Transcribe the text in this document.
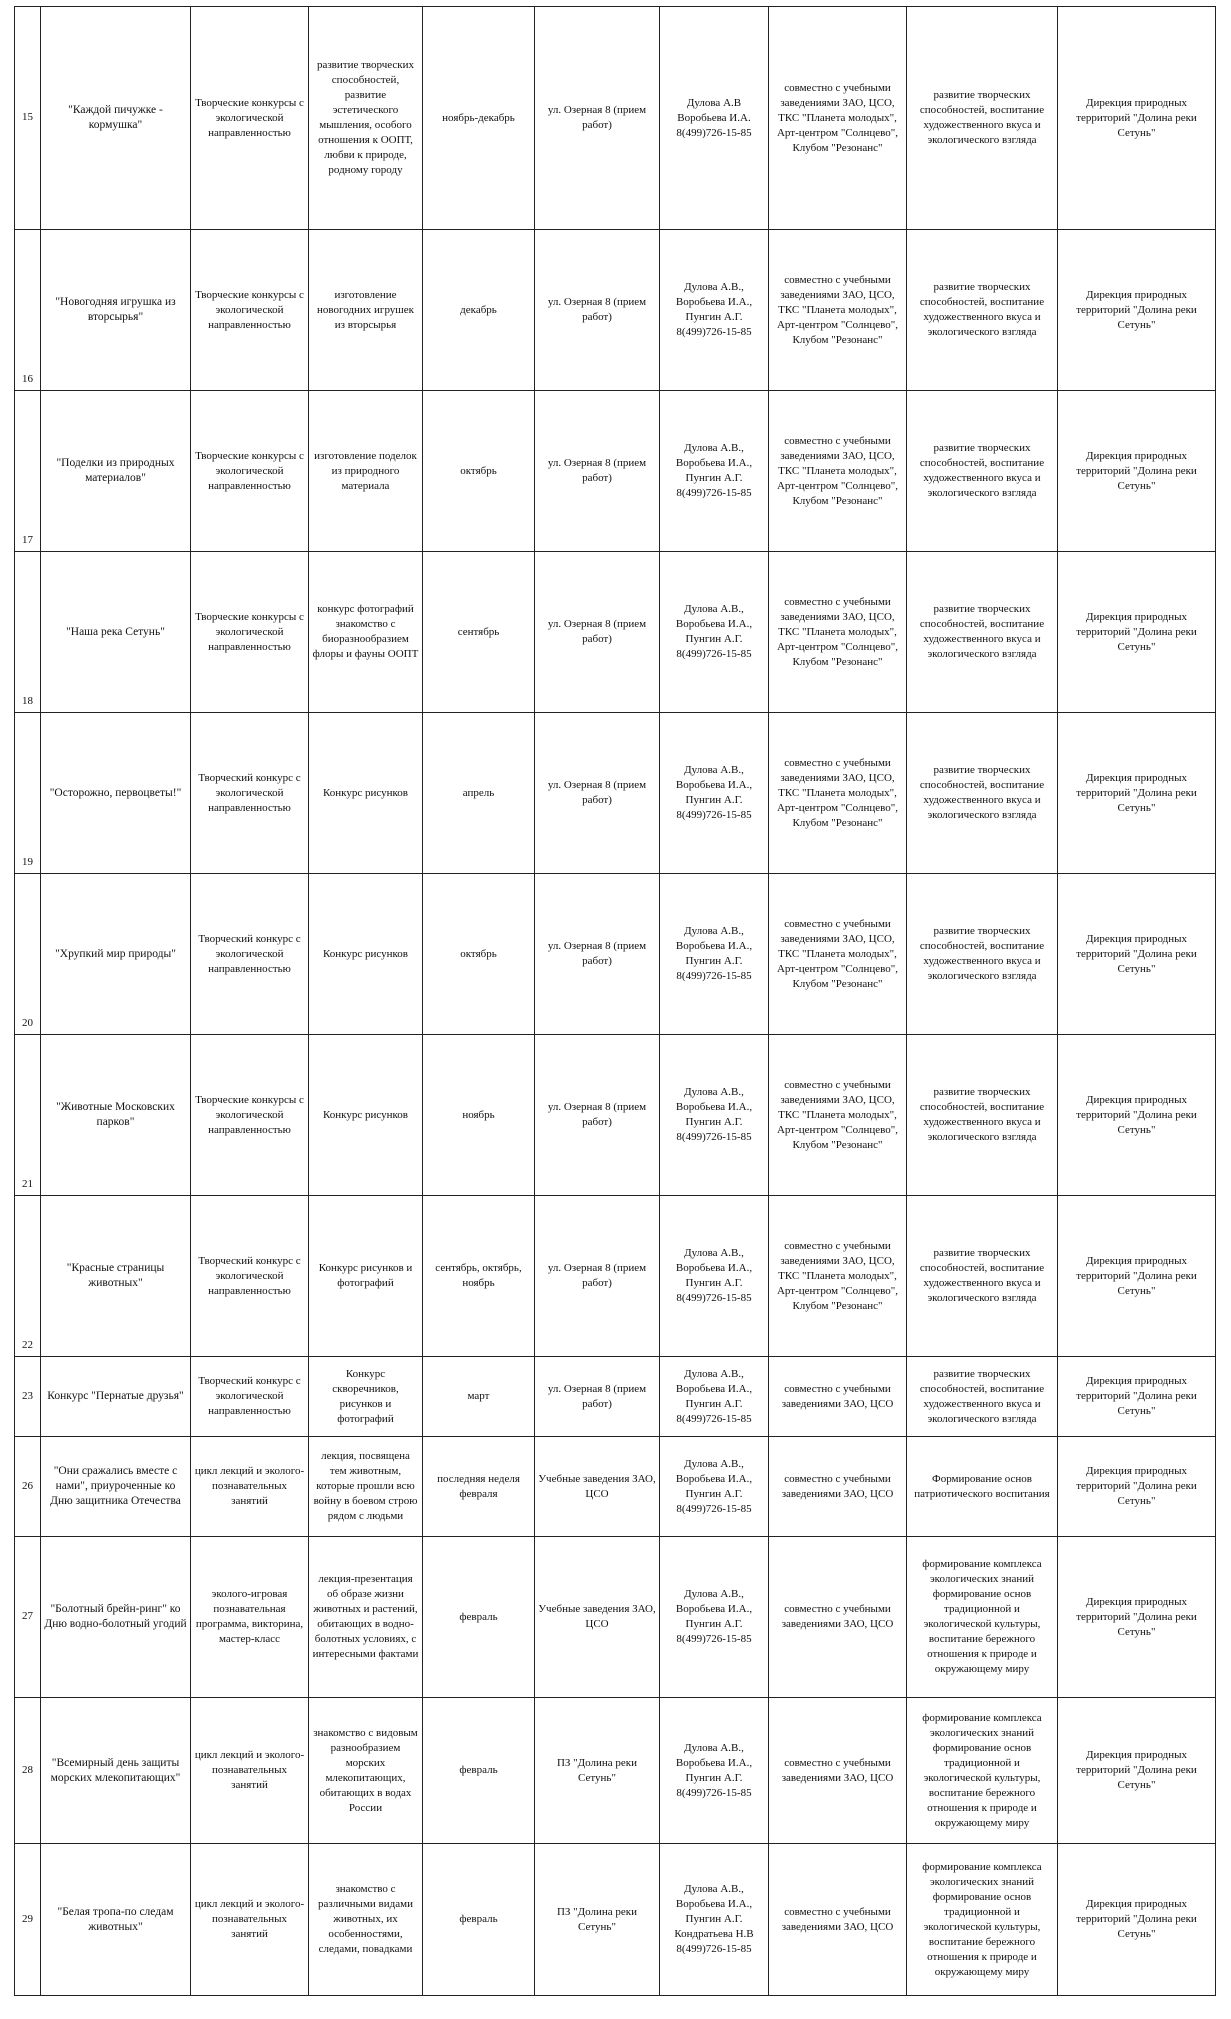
15	"Каждой пичужке - кормушка"	Творческие конкурсы с экологической направленностью	развитие творческих способностей, развитие эстетического мышления, особого отношения к ООПТ, любви к природе, родному городу	ноябрь-декабрь	ул. Озерная 8 (прием работ)	Дулова А.В Воробьева И.А. 8(499)726-15-85	совместно с учебными заведениями ЗАО, ЦСО, ТКС "Планета молодых", Арт-центром "Солнцево", Клубом "Резонанс"	развитие творческих способностей, воспитание художественного вкуса и экологического взгляда	Дирекция природных территорий "Долина реки Сетунь"
16	"Новогодняя игрушка из вторсырья"	Творческие конкурсы с экологической направленностью	изготовление новогодних игрушек из вторсырья	декабрь	ул. Озерная 8 (прием работ)	Дулова А.В., Воробьева И.А., Пунгин А.Г. 8(499)726-15-85	совместно с учебными заведениями ЗАО, ЦСО, ТКС "Планета молодых", Арт-центром "Солнцево", Клубом "Резонанс"	развитие творческих способностей, воспитание художественного вкуса и экологического взгляда	Дирекция природных территорий "Долина реки Сетунь"
17	"Поделки из природных материалов"	Творческие конкурсы с экологической направленностью	изготовление поделок из природного материала	октябрь	ул. Озерная 8 (прием работ)	Дулова А.В., Воробьева И.А., Пунгин А.Г. 8(499)726-15-85	совместно с учебными заведениями ЗАО, ЦСО, ТКС "Планета молодых", Арт-центром "Солнцево", Клубом "Резонанс"	развитие творческих способностей, воспитание художественного вкуса и экологического взгляда	Дирекция природных территорий "Долина реки Сетунь"
18	"Наша река Сетунь"	Творческие конкурсы с экологической направленностью	конкурс фотографий знакомство с биоразнообразием флоры и фауны ООПТ	сентябрь	ул. Озерная 8 (прием работ)	Дулова А.В., Воробьева И.А., Пунгин А.Г. 8(499)726-15-85	совместно с учебными заведениями ЗАО, ЦСО, ТКС "Планета молодых", Арт-центром "Солнцево", Клубом "Резонанс"	развитие творческих способностей, воспитание художественного вкуса и экологического взгляда	Дирекция природных территорий "Долина реки Сетунь"
19	"Осторожно, первоцветы!"	Творческий конкурс с экологической направленностью	Конкурс рисунков	апрель	ул. Озерная 8 (прием работ)	Дулова А.В., Воробьева И.А., Пунгин А.Г. 8(499)726-15-85	совместно с учебными заведениями ЗАО, ЦСО, ТКС "Планета молодых", Арт-центром "Солнцево", Клубом "Резонанс"	развитие творческих способностей, воспитание художественного вкуса и экологического взгляда	Дирекция природных территорий "Долина реки Сетунь"
20	"Хрупкий мир природы"	Творческий конкурс с экологической направленностью	Конкурс рисунков	октябрь	ул. Озерная 8 (прием работ)	Дулова А.В., Воробьева И.А., Пунгин А.Г. 8(499)726-15-85	совместно с учебными заведениями ЗАО, ЦСО, ТКС "Планета молодых", Арт-центром "Солнцево", Клубом "Резонанс"	развитие творческих способностей, воспитание художественного вкуса и экологического взгляда	Дирекция природных территорий "Долина реки Сетунь"
21	"Животные Московских парков"	Творческие конкурсы с экологической направленностью	Конкурс рисунков	ноябрь	ул. Озерная 8 (прием работ)	Дулова А.В., Воробьева И.А., Пунгин А.Г. 8(499)726-15-85	совместно с учебными заведениями ЗАО, ЦСО, ТКС "Планета молодых", Арт-центром "Солнцево", Клубом "Резонанс"	развитие творческих способностей, воспитание художественного вкуса и экологического взгляда	Дирекция природных территорий "Долина реки Сетунь"
22	"Красные страницы животных"	Творческий конкурс с экологической направленностью	Конкурс рисунков и фотографий	сентябрь, октябрь, ноябрь	ул. Озерная 8 (прием работ)	Дулова А.В., Воробьева И.А., Пунгин А.Г. 8(499)726-15-85	совместно с учебными заведениями ЗАО, ЦСО, ТКС "Планета молодых", Арт-центром "Солнцево", Клубом "Резонанс"	развитие творческих способностей, воспитание художественного вкуса и экологического взгляда	Дирекция природных территорий "Долина реки Сетунь"
23	Конкурс "Пернатые друзья"	Творческий конкурс с экологической направленностью	Конкурс скворечников, рисунков и фотографий	март	ул. Озерная 8 (прием работ)	Дулова А.В., Воробьева И.А., Пунгин А.Г. 8(499)726-15-85	совместно с учебными заведениями ЗАО, ЦСО	развитие творческих способностей, воспитание художественного вкуса и экологического взгляда	Дирекция природных территорий "Долина реки Сетунь"
26	"Они сражались вместе с нами", приуроченные ко Дню защитника Отечества	цикл лекций и эколого-познавательных занятий	лекция, посвящена тем животным, которые прошли всю войну в боевом строю рядом с людьми	последняя неделя февраля	Учебные заведения ЗАО, ЦСО	Дулова А.В., Воробьева И.А., Пунгин А.Г. 8(499)726-15-85	совместно с учебными заведениями ЗАО, ЦСО	Формирование основ патриотического воспитания	Дирекция природных территорий "Долина реки Сетунь"
27	"Болотный брейн-ринг" ко Дню водно-болотный угодий	эколого-игровая познавательная программа, викторина, мастер-класс	лекция-презентация об образе жизни животных и растений, обитающих в водно-болотных условиях, с интересными фактами	февраль	Учебные заведения ЗАО, ЦСО	Дулова А.В., Воробьева И.А., Пунгин А.Г. 8(499)726-15-85	совместно с учебными заведениями ЗАО, ЦСО	формирование комплекса экологических знаний формирование основ традиционной и экологической культуры, воспитание бережного отношения к природе и окружающему миру	Дирекция природных территорий "Долина реки Сетунь"
28	"Всемирный день защиты морских млекопитающих"	цикл лекций и эколого-познавательных занятий	знакомство с видовым разнообразием морских млекопитающих, обитающих в водах России	февраль	ПЗ "Долина реки Сетунь"	Дулова А.В., Воробьева И.А., Пунгин А.Г. 8(499)726-15-85	совместно с учебными заведениями ЗАО, ЦСО	формирование комплекса экологических знаний формирование основ традиционной и экологической культуры, воспитание бережного отношения к природе и окружающему миру	Дирекция природных территорий "Долина реки Сетунь"
29	"Белая тропа-по следам животных"	цикл лекций и эколого-познавательных занятий	знакомство с различными видами животных, их особенностями, следами, повадками	февраль	ПЗ "Долина реки Сетунь"	Дулова А.В., Воробьева И.А., Пунгин А.Г. Кондратьева Н.В 8(499)726-15-85	совместно с учебными заведениями ЗАО, ЦСО	формирование комплекса экологических знаний формирование основ традиционной и экологической культуры, воспитание бережного отношения к природе и окружающему миру	Дирекция природных территорий "Долина реки Сетунь"
